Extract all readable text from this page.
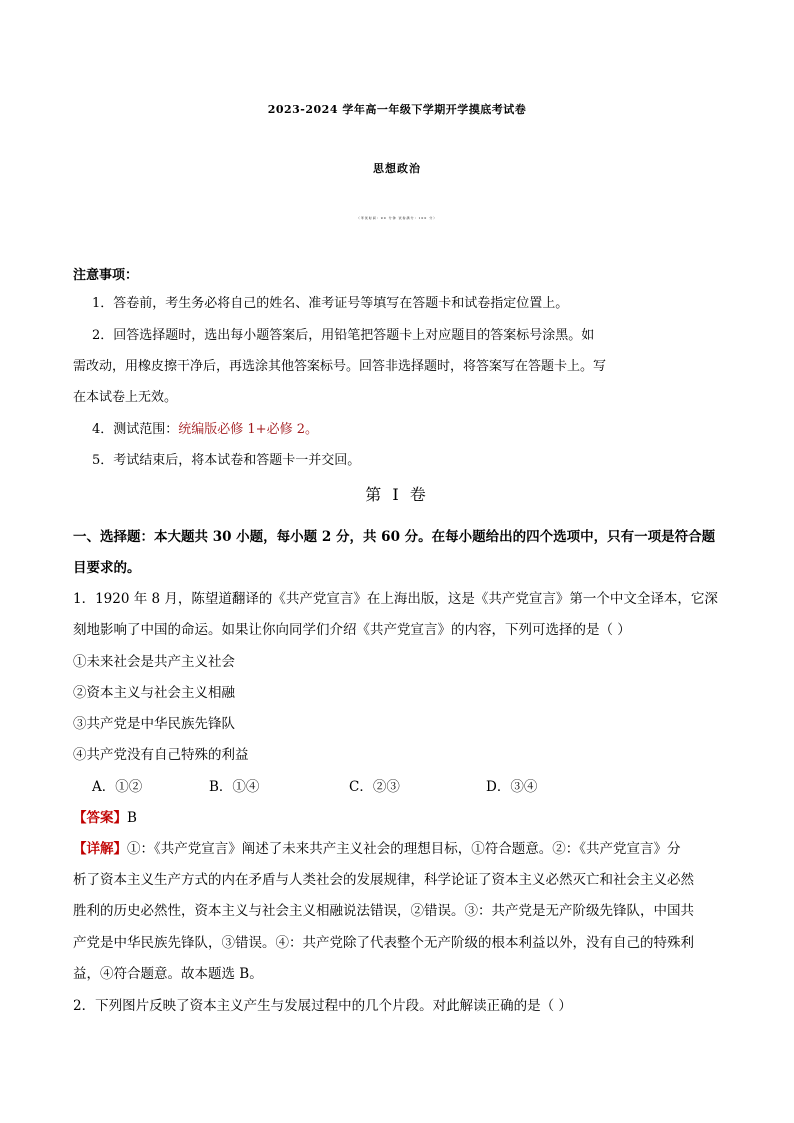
2023-2024 学年高一年级下学期开学摸底考试卷
思想政治
（考试时间：90 分钟 试卷满分：100 分）
注意事项：
1．答卷前，考生务必将自己的姓名、准考证号等填写在答题卡和试卷指定位置上。
2．回答选择题时，选出每小题答案后，用铅笔把答题卡上对应题目的答案标号涂黑。如
需改动，用橡皮擦干净后，再选涂其他答案标号。回答非选择题时，将答案写在答题卡上。写
在本试卷上无效。
4．测试范围：统编版必修 1+必修 2。
5．考试结束后，将本试卷和答题卡一并交回。
第 I 卷
一、选择题：本大题共 30 小题，每小题 2 分，共 60 分。在每小题给出的四个选项中，只有一项是符合题
目要求的。
1．1920 年 8 月，陈望道翻译的《共产党宣言》在上海出版，这是《共产党宣言》第一个中文全译本，它深
刻地影响了中国的命运。如果让你向同学们介绍《共产党宣言》的内容，下列可选择的是（ ）
①未来社会是共产主义社会
②资本主义与社会主义相融
③共产党是中华民族先锋队
④共产党没有自己特殊的利益
A．①②	B．①④	C．②③	D．③④
【答案】B
【详解】①：《共产党宣言》阐述了未来共产主义社会的理想目标，①符合题意。②：《共产党宣言》分
析了资本主义生产方式的内在矛盾与人类社会的发展规律，科学论证了资本主义必然灭亡和社会主义必然
胜利的历史必然性，资本主义与社会主义相融说法错误，②错误。③：共产党是无产阶级先锋队，中国共
产党是中华民族先锋队，③错误。④：共产党除了代表整个无产阶级的根本利益以外，没有自己的特殊利
益，④符合题意。故本题选 B。
2．下列图片反映了资本主义产生与发展过程中的几个片段。对此解读正确的是（ ）
